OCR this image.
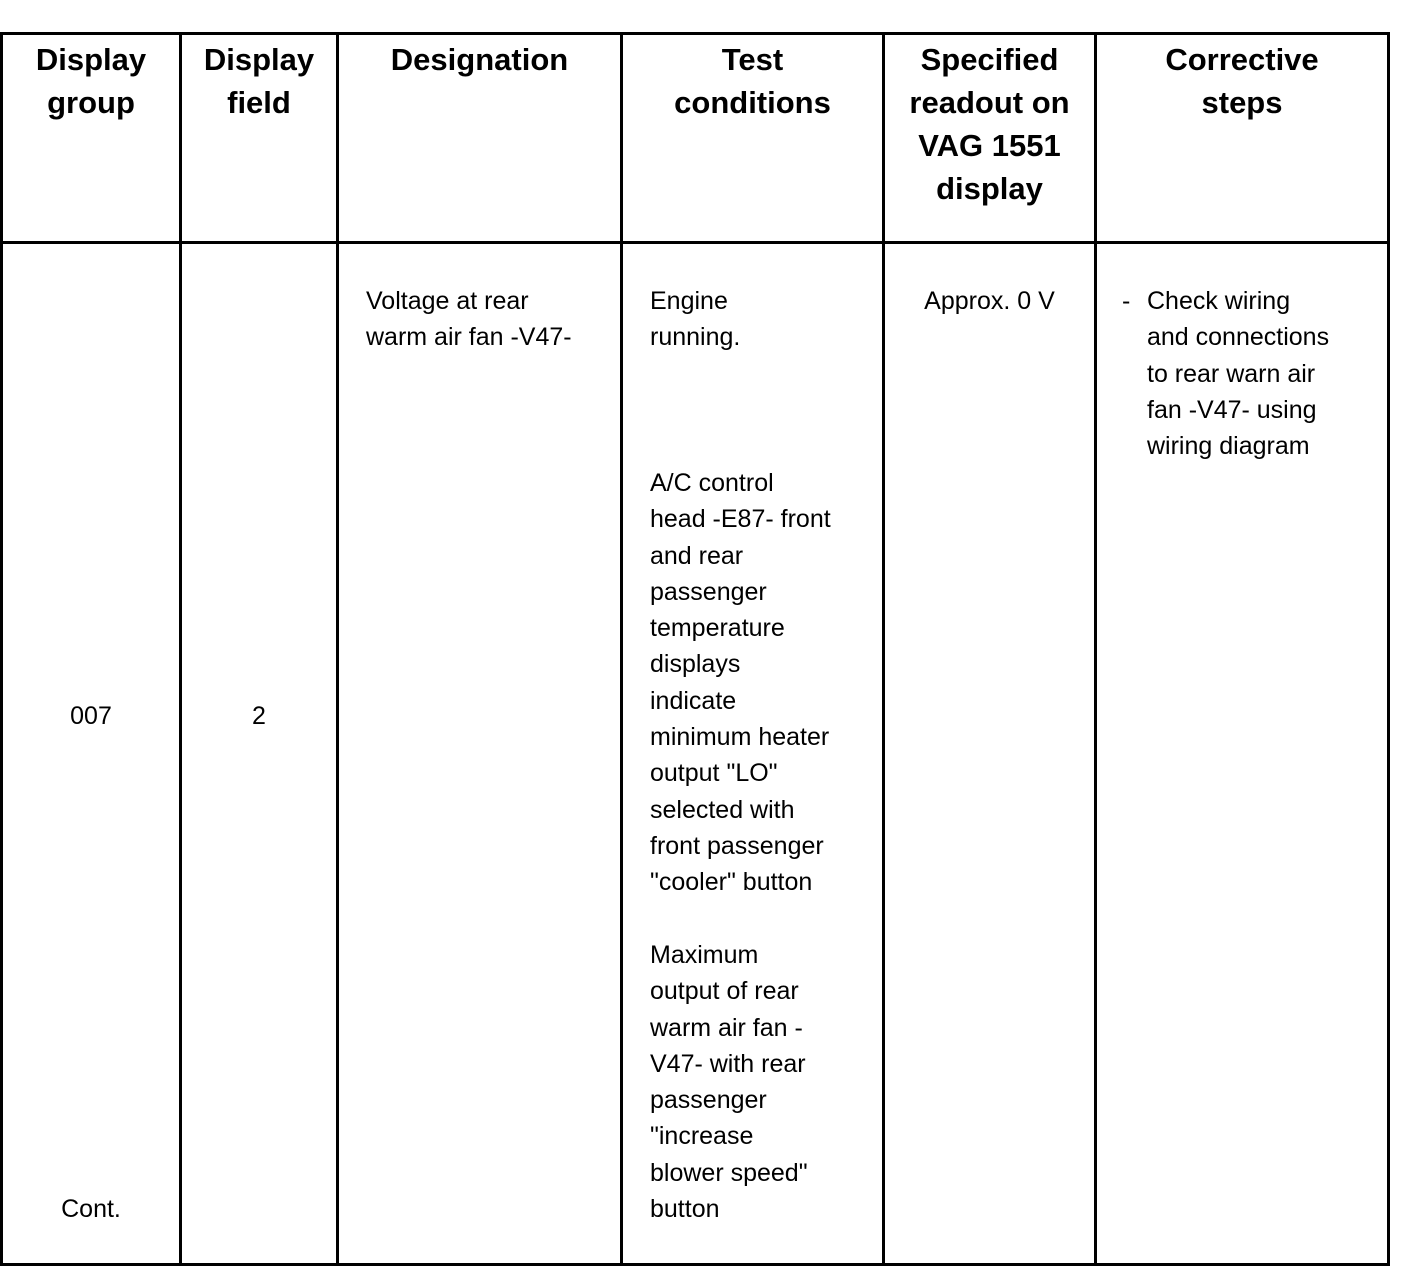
Display
group
Display
field
Designation	Test
conditions
Specified
readout on
VAG 1551
display
Corrective
steps
007
Cont.
2
Voltage at rear
warm air fan -V47-
Engine
running.
A/C control
head -E87- front
and rear
passenger
temperature
displays
indicate
minimum heater
output "LO"
selected with
front passenger
"cooler" button
Maximum
output of rear
warm air fan -
V47- with rear
passenger
"increase
blower speed"
button
Approx. 0 V	- Check wiring
and connections
to rear warn air
fan -V47- using
wiring diagram
